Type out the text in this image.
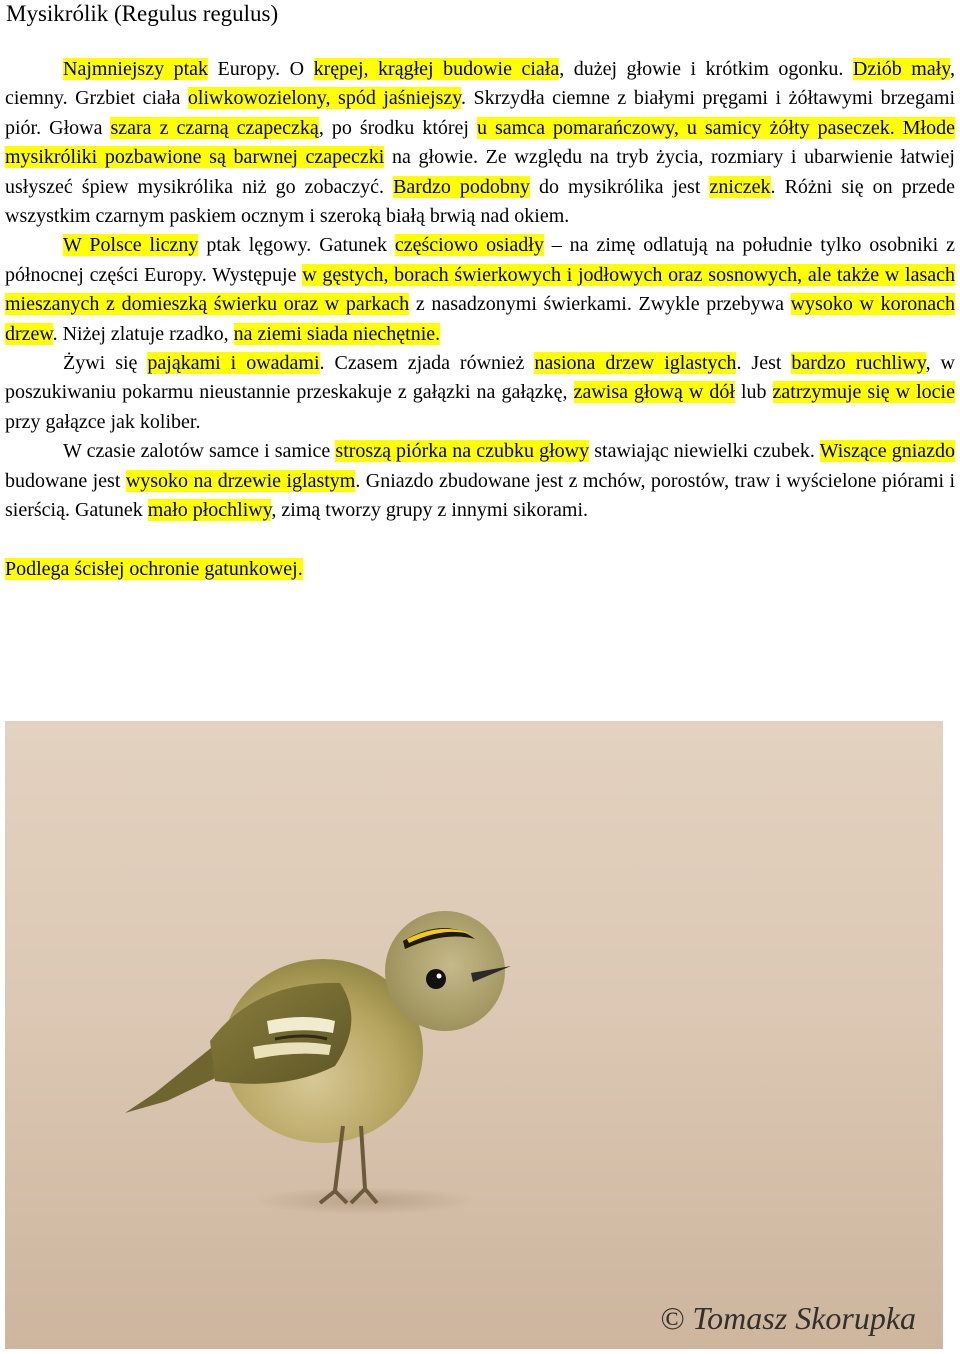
Mysikrólik (Regulus regulus)

Najmniejszy ptak Europy. O krępej, krągłej budowie ciała, dużej głowie i krótkim ogonku. Dziób mały, ciemny. Grzbiet ciała oliwkowozielony, spód jaśniejszy. Skrzydła ciemne z białymi pręgami i żółtawymi brzegami piór. Głowa szara z czarną czapeczką, po środku której u samca pomarańczowy, u samicy żółty paseczek. Młode mysikróliki pozbawione są barwnej czapeczki na głowie. Ze względu na tryb życia, rozmiary i ubarwienie łatwiej usłyszeć śpiew mysikrólika niż go zobaczyć. Bardzo podobny do mysikrólika jest zniczek. Różni się on przede wszystkim czarnym paskiem ocznym i szeroką białą brwią nad okiem.

W Polsce liczny ptak lęgowy. Gatunek częściowo osiadły – na zimę odlatują na południe tylko osobniki z północnej części Europy. Występuje w gęstych, borach świerkowych i jodłowych oraz sosnowych, ale także w lasach mieszanych z domieszką świerku oraz w parkach z nasadzonymi świerkami. Zwykle przebywa wysoko w koronach drzew. Niżej zlatuje rzadko, na ziemi siada niechętnie.

Żywi się pająkami i owadami. Czasem zjada również nasiona drzew iglastych. Jest bardzo ruchliwy, w poszukiwaniu pokarmu nieustannie przeskakuje z gałązki na gałązkę, zawisa głową w dół lub zatrzymuje się w locie przy gałązce jak koliber.

W czasie zalotów samce i samice stroszą piórka na czubku głowy stawiając niewielki czubek. Wiszące gniazdo budowane jest wysoko na drzewie iglastym. Gniazdo zbudowane jest z mchów, porostów, traw i wyścielone piórami i sierścią. Gatunek mało płochliwy, zimą tworzy grupy z innymi sikorami.

Podlega ścisłej ochronie gatunkowej.

© Tomasz Skorupka
